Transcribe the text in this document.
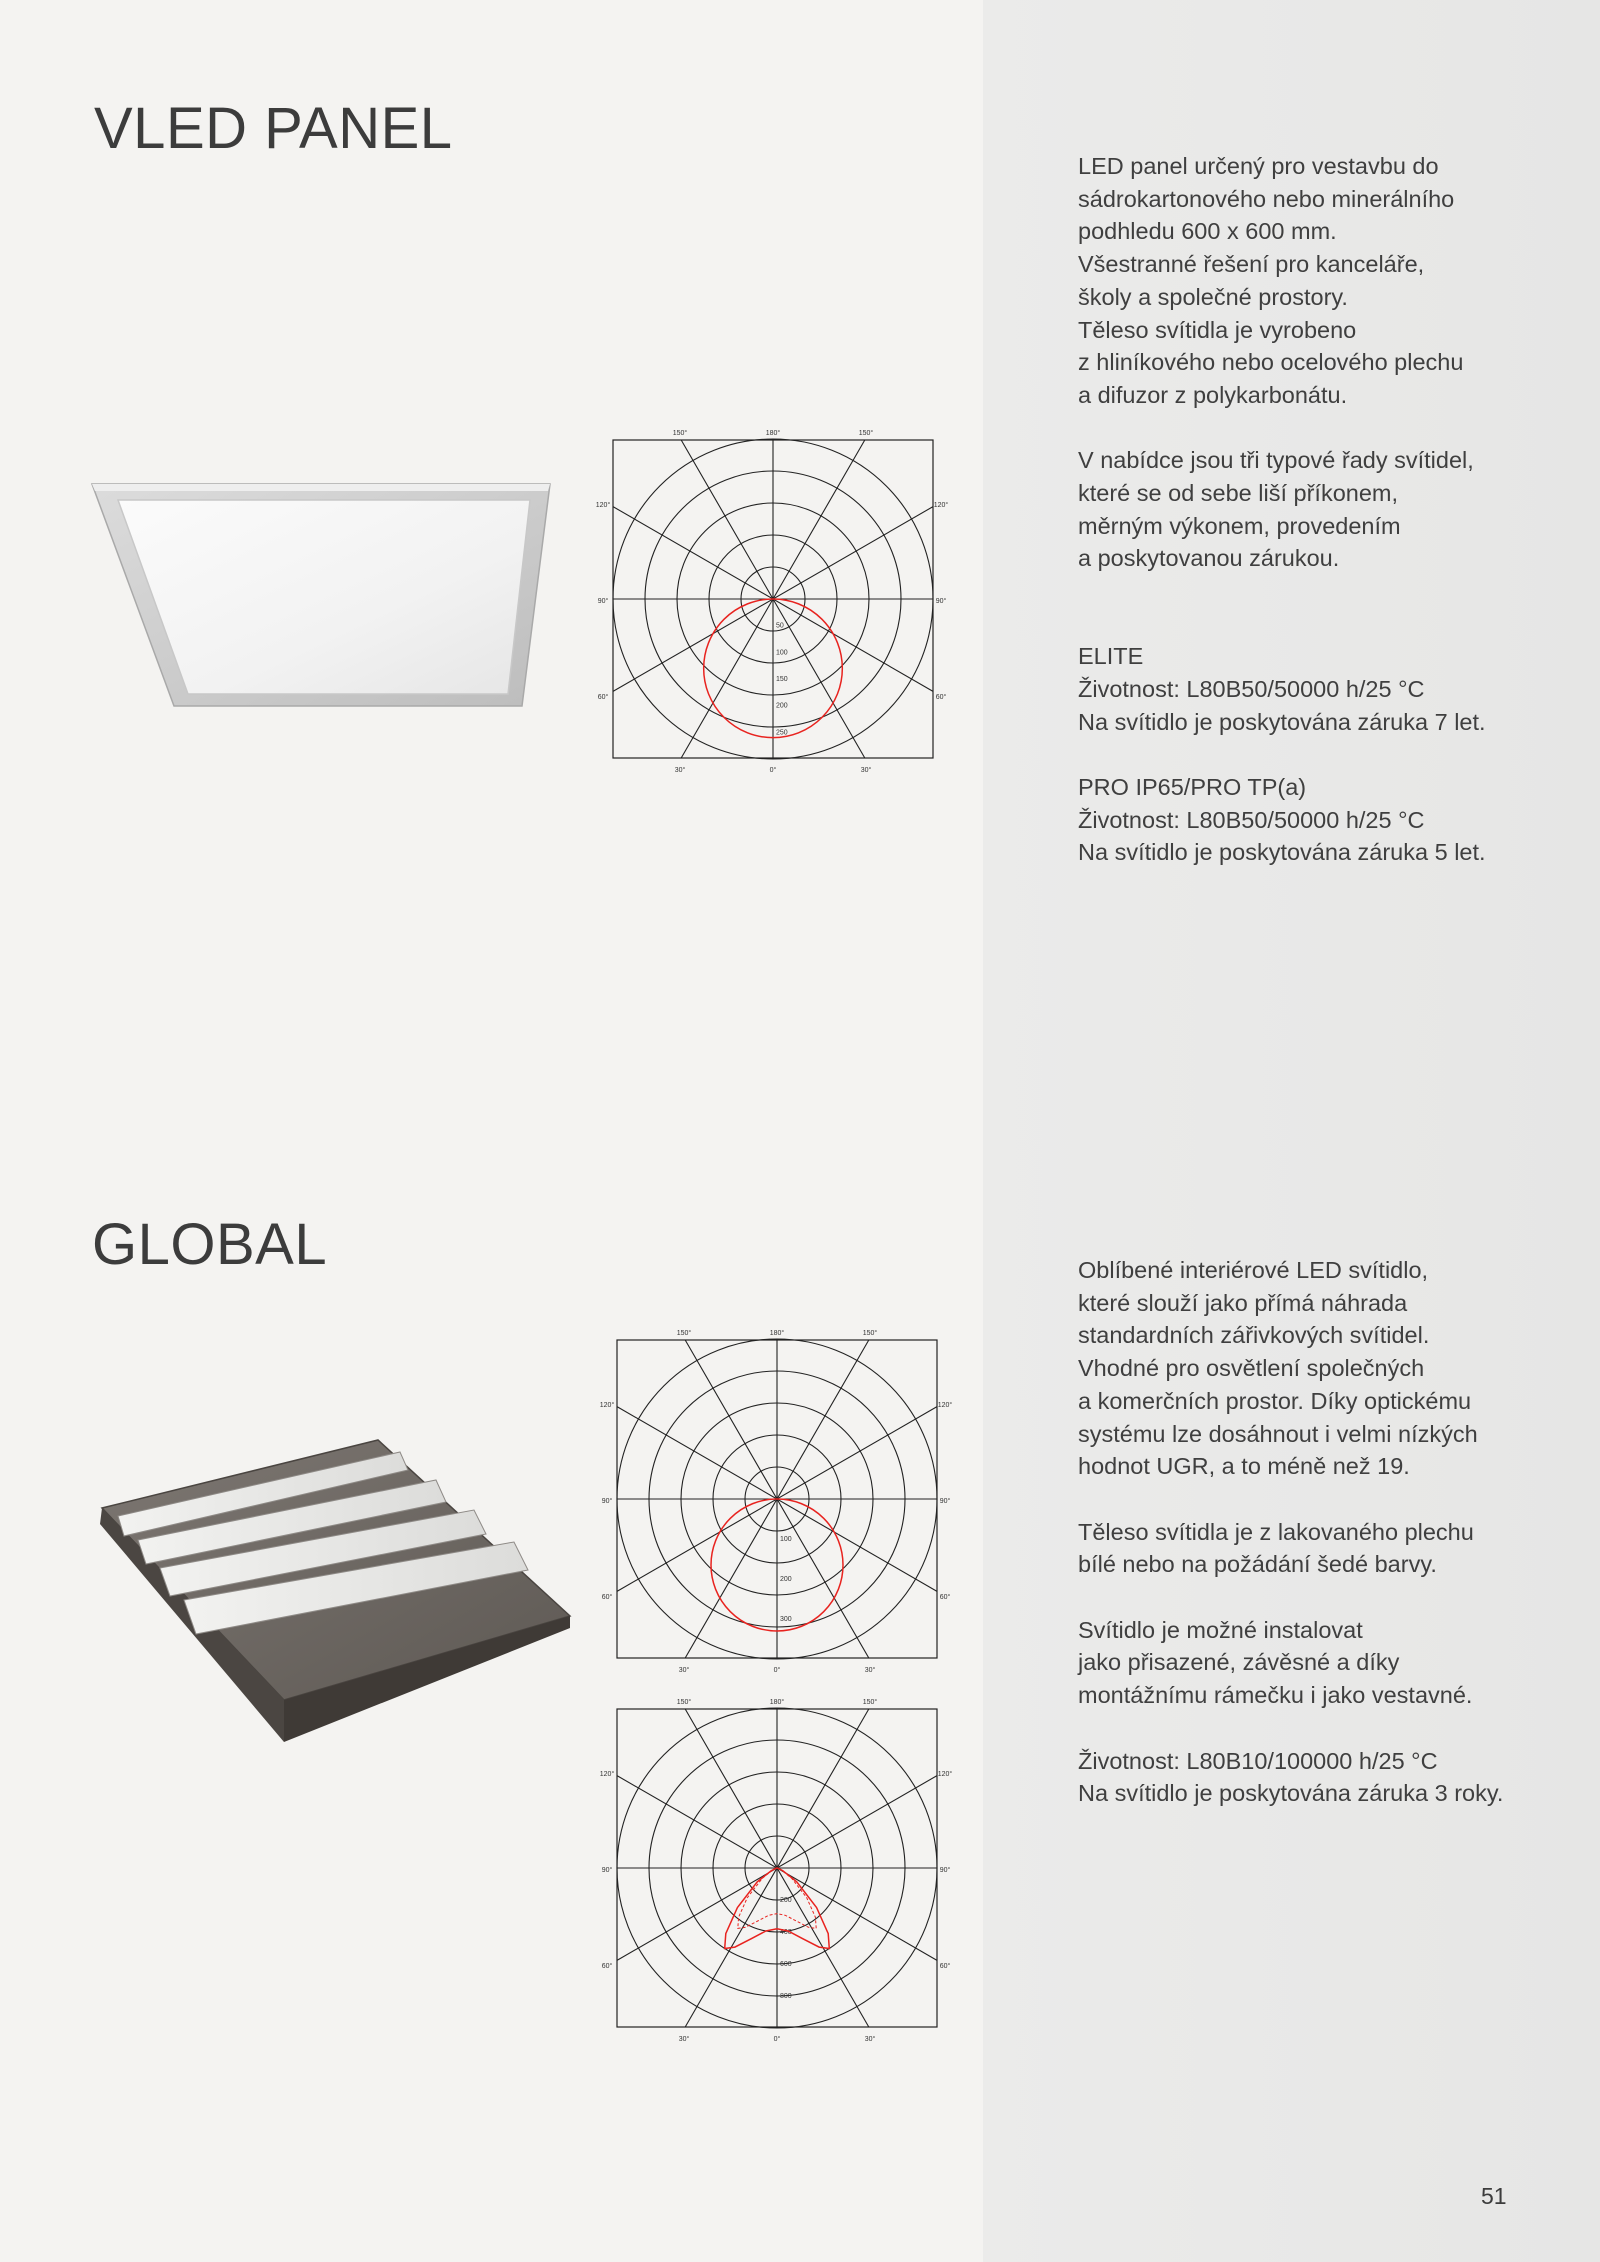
VLED PANEL
150°	180°	150°
120°	120°
90°	90°
60°	60°
30°	0°	30°
50
100
150
200
250

LED panel určený pro vestavbu do
sádrokartonového nebo minerálního
podhledu 600 x 600 mm.
Všestranné řešení pro kanceláře,
školy a společné prostory.
Těleso svítidla je vyrobeno
z hliníkového nebo ocelového plechu
a difuzor z polykarbonátu.

V nabídce jsou tři typové řady svítidel,
které se od sebe liší příkonem,
měrným výkonem, provedením
a poskytovanou zárukou.

ELITE
Životnost: L80B50/50000 h/25 °C
Na svítidlo je poskytována záruka 7 let.

PRO IP65/PRO TP(a)
Životnost: L80B50/50000 h/25 °C
Na svítidlo je poskytována záruka 5 let.

GLOBAL
150°	180°	150°
120°	120°
90°	90°
60°	60°
30°	0°	30°
100
200
300
150°	180°	150°
120°	120°
90°	90°
60°	60°
30°	0°	30°
200
400
600
800

Oblíbené interiérové LED svítidlo,
které slouží jako přímá náhrada
standardních zářivkových svítidel.
Vhodné pro osvětlení společných
a komerčních prostor. Díky optickému
systému lze dosáhnout i velmi nízkých
hodnot UGR, a to méně než 19.

Těleso svítidla je z lakovaného plechu
bílé nebo na požádání šedé barvy.

Svítidlo je možné instalovat
jako přisazené, závěsné a díky
montážnímu rámečku i jako vestavné.

Životnost: L80B10/100000 h/25 °C
Na svítidlo je poskytována záruka 3 roky.

51
